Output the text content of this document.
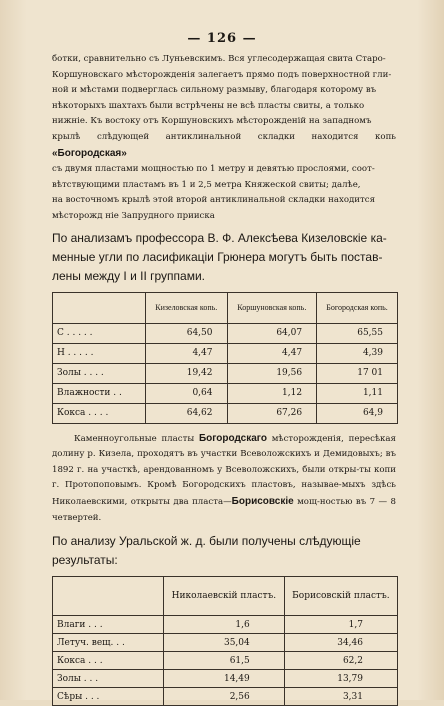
— 126 —

ботки, сравнительно съ Луньевскимъ. Вся углесодержащая свита Старо-
Коршуновскаго мѣсторожденія залегаетъ прямо подъ поверхностной гли-
ной и мѣстами подверглась сильному размыву, благодаря которому въ
нѣкоторыхъ шахтахъ были встрѣчены не всѣ пласты свиты, а только
нижніе. Къ востоку отъ Коршуновскихъ мѣсторожденій на западномъ
крылѣ слѣдующей антиклинальной складки находится копь «Богородская»
съ двумя пластами мощностью по 1 метру и девятью прослоями, соот-
вѣтствующими пластамъ въ 1 и 2,5 метра Княжеской свиты; далѣе,
на восточномъ крылѣ этой второй антиклинальной складки находится
мѣсторожд ніе Запрудного прииска

По анализамъ профессора В. Ф. Алексѣева Кизеловскіе ка-менные угли по ласификаціи Грюнера могутъ быть постав-лены между I и II группами.

	Кизеловская копь.	Коршуновская копь.	Богородская копь.
C . . . . .	64,50	64,07	65,55
H . . . . .	4,47	4,47	4,39
Золы . . . .	19,42	19,56	17 01
Влажности . .	0,64	1,12	1,11
Кокса . . . .	64,62	67,26	64,9

Каменноугольные пласты Богородскаго мѣсторожденія, пересѣкая долину р. Кизела, проходятъ въ участки Всеволожскихъ и Демидовыхъ; въ 1892 г. на участкѣ, арендованномъ у Всеволожскихъ, были откры-ты копи г. Протопоповымъ. Кромѣ Богородскихъ пластовъ, называе-мыхъ здѣсь Николаевскими, открыты два пласта—Борисовскіе мощ-ностью въ 7 — 8 четвертей.

По анализу Уральской ж. д. были получены слѣдующіе результаты:

	Николаевскій пластъ.	Борисовскій пластъ.
Влаги . . .	1,6	1,7
Летуч. вещ. . .	35,04	34,46
Кокса . . .	61,5	62,2
Золы . . .	14,49	13,79
Сѣры . . .	2,56	3,31
